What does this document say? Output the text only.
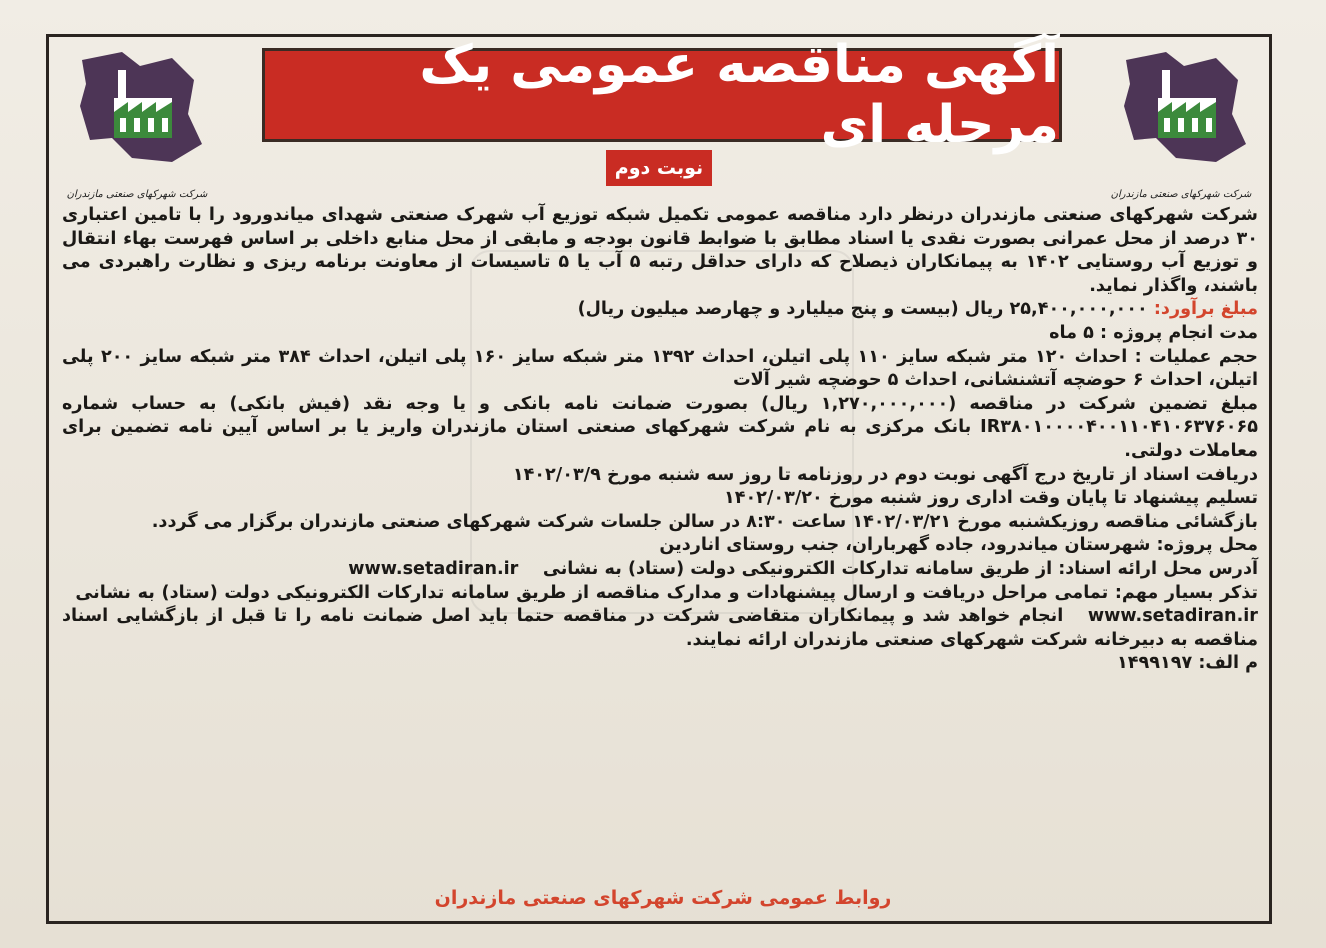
شرکت شهرکهای صنعتی مازندران	شرکت شهرکهای صنعتی مازندران
آگهی مناقصه عمومی یک مرحله ای
نوبت دوم

شرکت شهرکهای صنعتی مازندران درنظر دارد مناقصه عمومی تکمیل شبکه توزیع آب شهرک صنعتی شهدای میاندورود را با تامین اعتباری ۳۰ درصد از محل عمرانی بصورت نقدی یا اسناد مطابق با ضوابط قانون بودجه و مابقی از محل منابع داخلی بر اساس فهرست بهاء انتقال و توزیع آب روستایی ۱۴۰۲ به پیمانکاران ذیصلاح که دارای حداقل رتبه ۵ آب یا ۵ تاسیسات از معاونت برنامه ریزی و نظارت راهبردی می باشند، واگذار نماید.

مبلغ برآورد: ۲۵,۴۰۰,۰۰۰,۰۰۰ ریال (بیست و پنج میلیارد و چهارصد میلیون ریال)

مدت انجام پروژه : ۵ ماه

حجم عملیات : احداث ۱۲۰ متر شبکه سایز ۱۱۰ پلی اتیلن، احداث ۱۳۹۲ متر شبکه سایز ۱۶۰ پلی اتیلن، احداث ۳۸۴ متر شبکه سایز ۲۰۰ پلی اتیلن، احداث ۶ حوضچه آتشنشانی، احداث ۵ حوضچه شیر آلات

مبلغ تضمین شرکت در مناقصه (۱,۲۷۰,۰۰۰,۰۰۰ ریال) بصورت ضمانت نامه بانکی و یا وجه نقد (فیش بانکی) به حساب شماره IR۳۸۰۱۰۰۰۰۴۰۰۱۱۰۴۱۰۶۳۷۶۰۶۵ بانک مرکزی به نام شرکت شهرکهای صنعتی استان مازندران واریز یا بر اساس آیین نامه تضمین برای معاملات دولتی.

دریافت اسناد از تاریخ درج آگهی نوبت دوم در روزنامه تا روز سه شنبه مورخ ۱۴۰۲/۰۳/۹

تسلیم پیشنهاد تا پایان وقت اداری روز شنبه مورخ ۱۴۰۲/۰۳/۲۰

بازگشائی مناقصه روزیکشنبه مورخ ۱۴۰۲/۰۳/۲۱ ساعت ۸:۳۰ در سالن جلسات شرکت شهرکهای صنعتی مازندران برگزار می گردد.

محل پروژه: شهرستان میاندرود، جاده گهرباران، جنب روستای اناردین

آدرس محل ارائه اسناد: از طریق سامانه تدارکات الکترونیکی دولت (ستاد) به نشانی    www.setadiran.ir

تذکر بسیار مهم: تمامی مراحل دریافت و ارسال پیشنهادات و مدارک مناقصه از طریق سامانه تدارکات الکترونیکی دولت (ستاد) به نشانی   www.setadiran.ir   انجام خواهد شد و پیمانکاران متقاضی شرکت در مناقصه حتما باید اصل ضمانت نامه را تا قبل از بازگشایی اسناد مناقصه به دبیرخانه شرکت شهرکهای صنعتی مازندران ارائه نمایند.

م الف: ۱۴۹۹۱۹۷

روابط عمومی شرکت شهرکهای صنعتی مازندران
